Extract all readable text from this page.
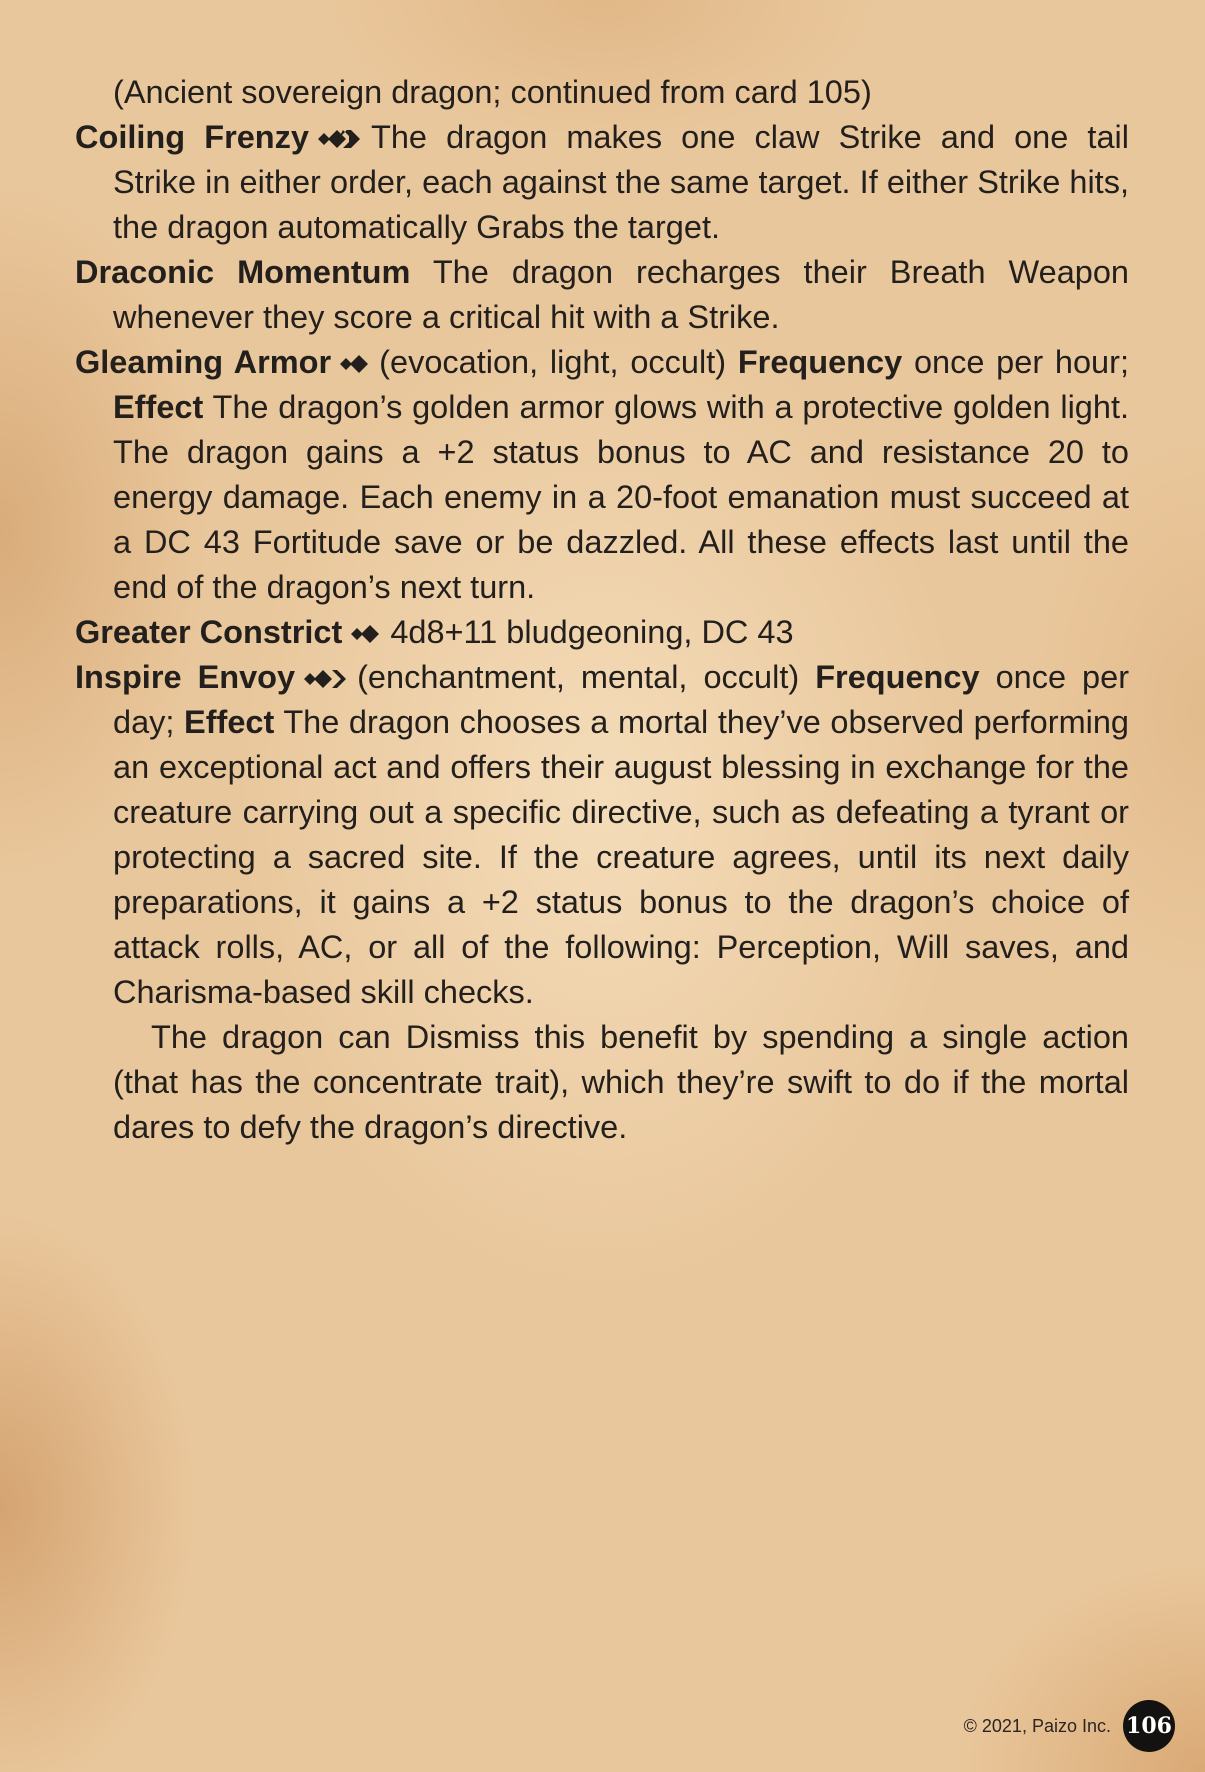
(Ancient sovereign dragon; continued from card 105)

Coiling Frenzy The dragon makes one claw Strike and one tail Strike in either order, each against the same target. If either Strike hits, the dragon automatically Grabs the target.

Draconic Momentum The dragon recharges their Breath Weapon whenever they score a critical hit with a Strike.

Gleaming Armor (evocation, light, occult) Frequency once per hour; Effect The dragon’s golden armor glows with a protective golden light. The dragon gains a +2 status bonus to AC and resistance 20 to energy damage. Each enemy in a 20-foot emanation must succeed at a DC 43 Fortitude save or be dazzled. All these effects last until the end of the dragon’s next turn.

Greater Constrict 4d8+11 bludgeoning, DC 43

Inspire Envoy (enchantment, mental, occult) Frequency once per day; Effect The dragon chooses a mortal they’ve observed performing an exceptional act and offers their august blessing in exchange for the creature carrying out a specific directive, such as defeating a tyrant or protecting a sacred site. If the creature agrees, until its next daily preparations, it gains a +2 status bonus to the dragon’s choice of attack rolls, AC, or all of the following: Perception, Will saves, and Charisma-based skill checks.

The dragon can Dismiss this benefit by spending a single action (that has the concentrate trait), which they’re swift to do if the mortal dares to defy the dragon’s directive.

© 2021, Paizo Inc. 106
